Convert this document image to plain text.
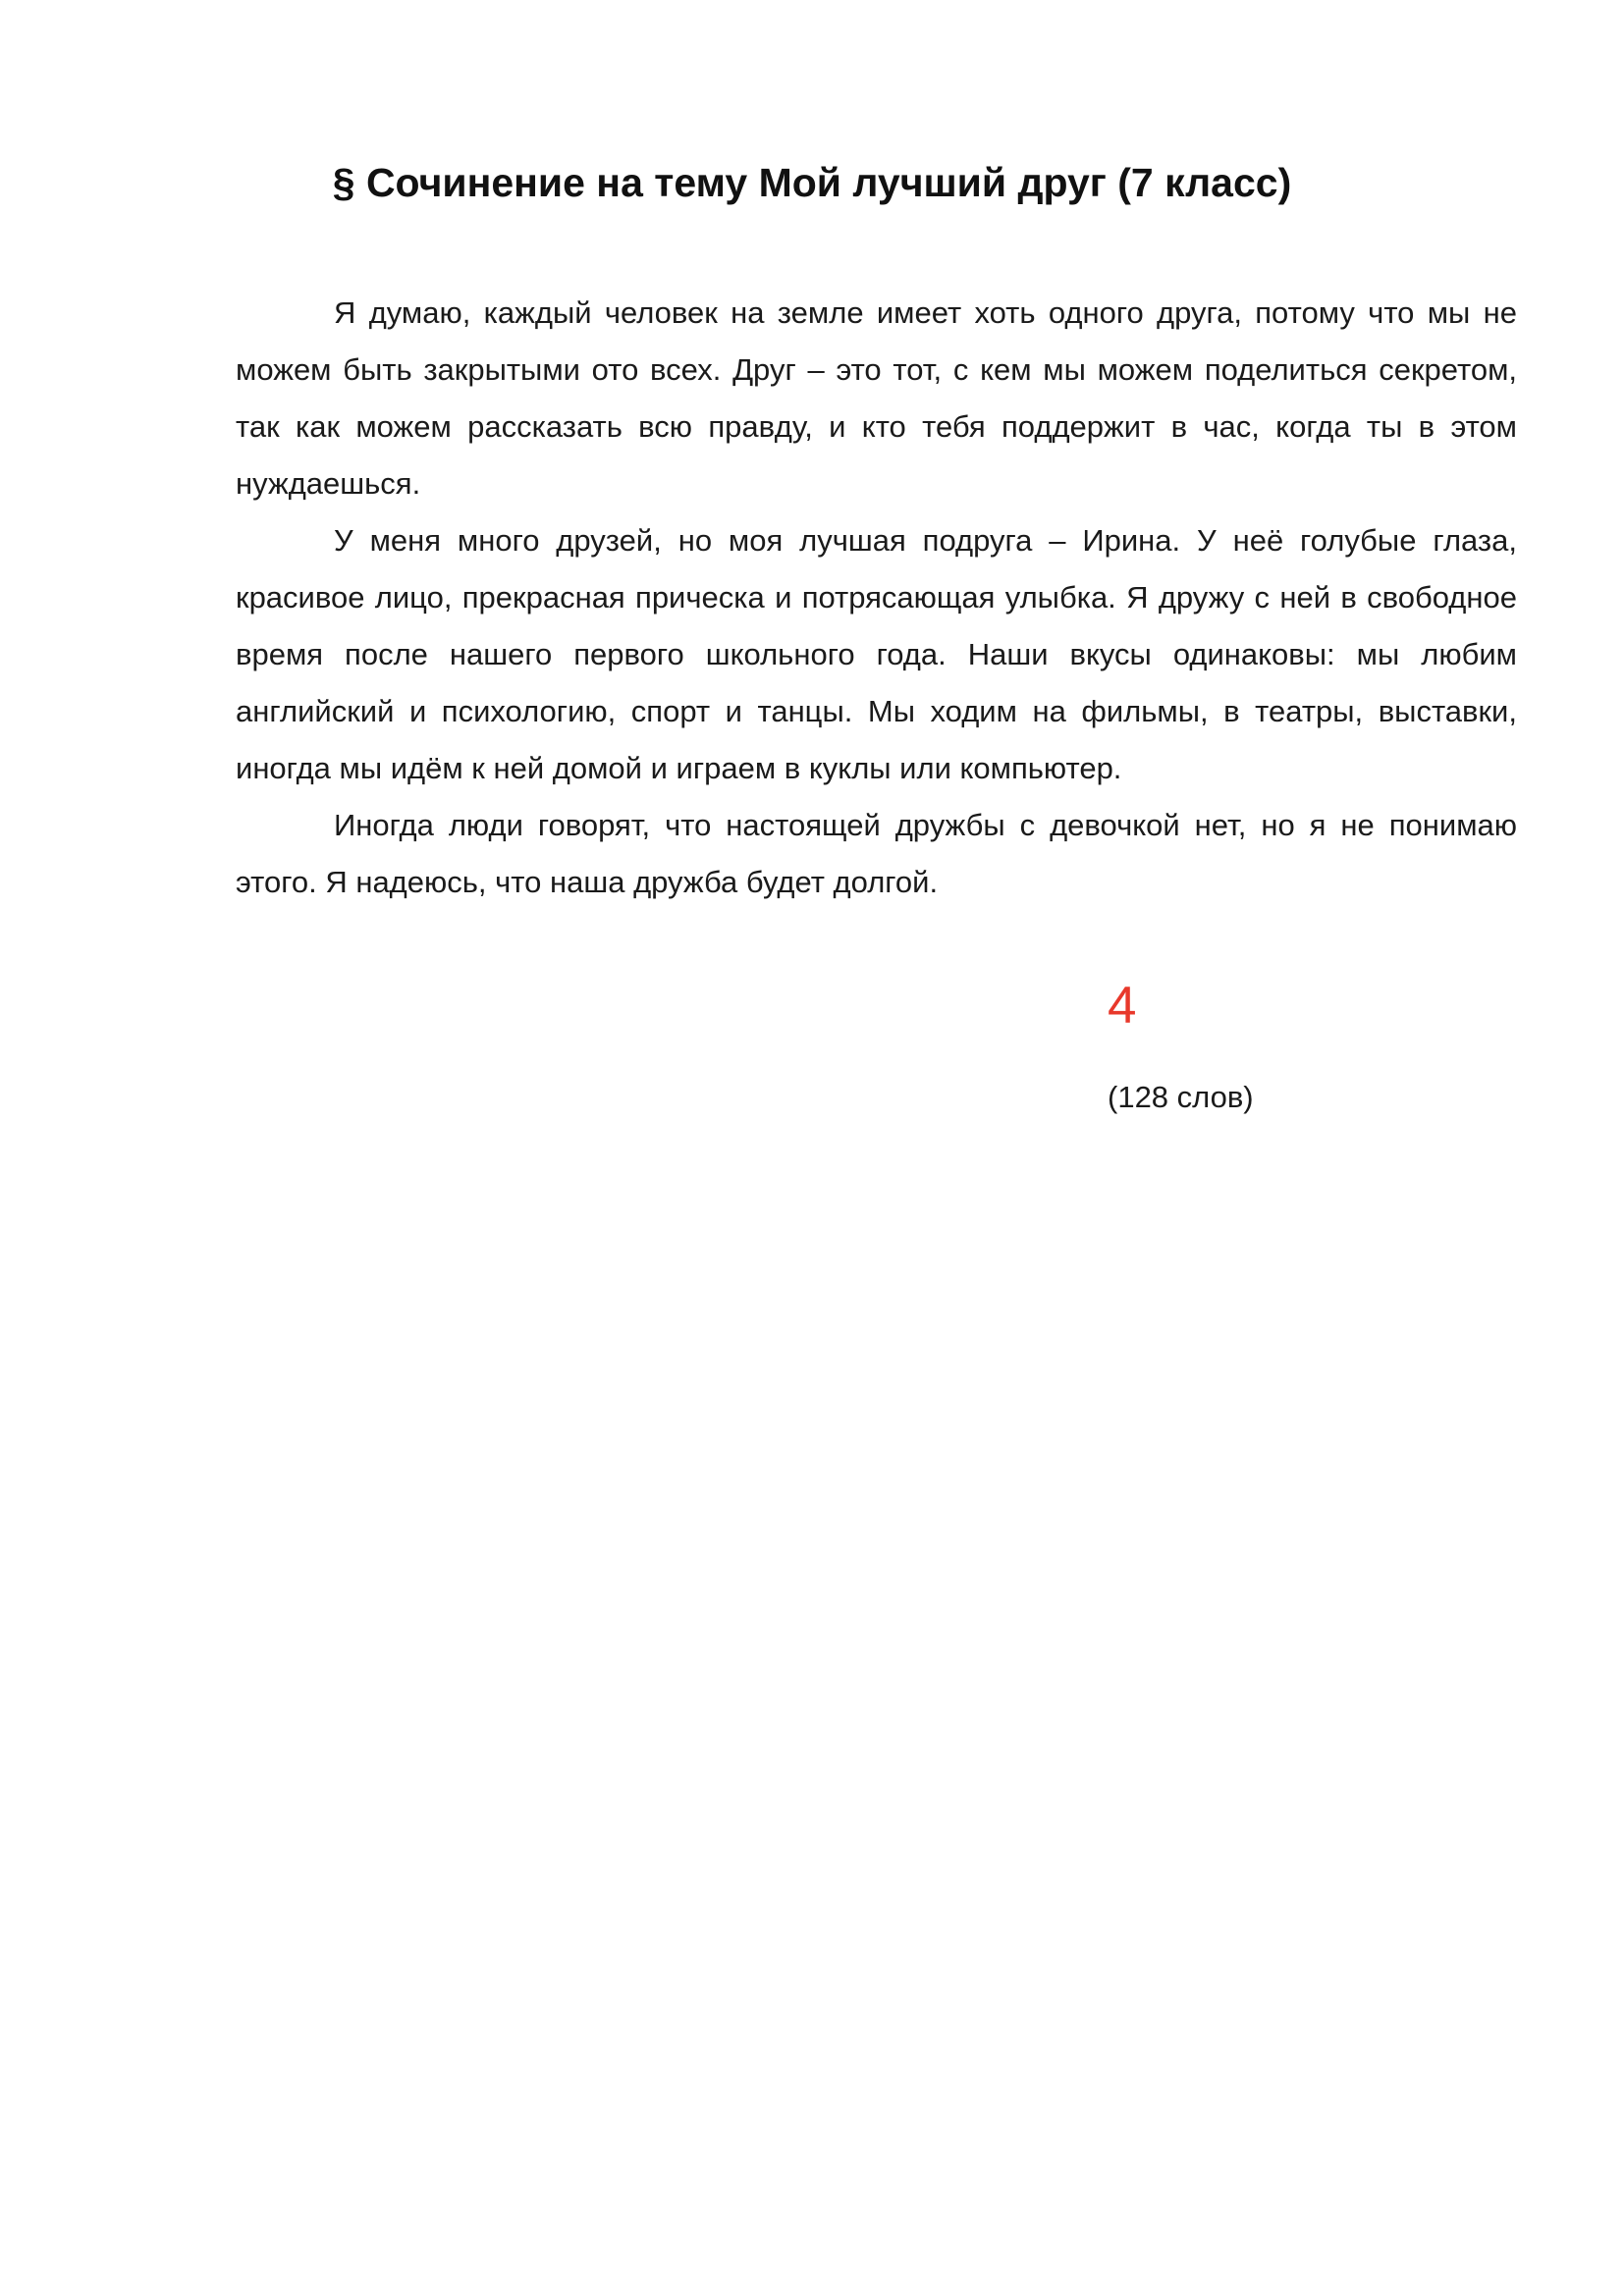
§ Сочинение на тему Мой лучший друг (7 класс)

Я думаю, каждый человек на земле имеет хоть одного друга, потому что мы не можем быть закрытыми ото всех. Друг – это тот, с кем мы можем поделиться секретом, так как можем рассказать всю правду, и кто тебя поддержит в час, когда ты в этом нуждаешься.

У меня много друзей, но моя лучшая подруга – Ирина. У неё голубые глаза, красивое лицо, прекрасная прическа и потрясающая улыбка. Я дружу с ней в свободное время после нашего первого школьного года. Наши вкусы одинаковы: мы любим английский и психологию, спорт и танцы. Мы ходим на фильмы, в театры, выставки, иногда мы идём к ней домой и играем в куклы или компьютер.

Иногда люди говорят, что настоящей дружбы с девочкой нет, но я не понимаю этого. Я надеюсь, что наша дружба будет долгой.

4
(128 слов)
